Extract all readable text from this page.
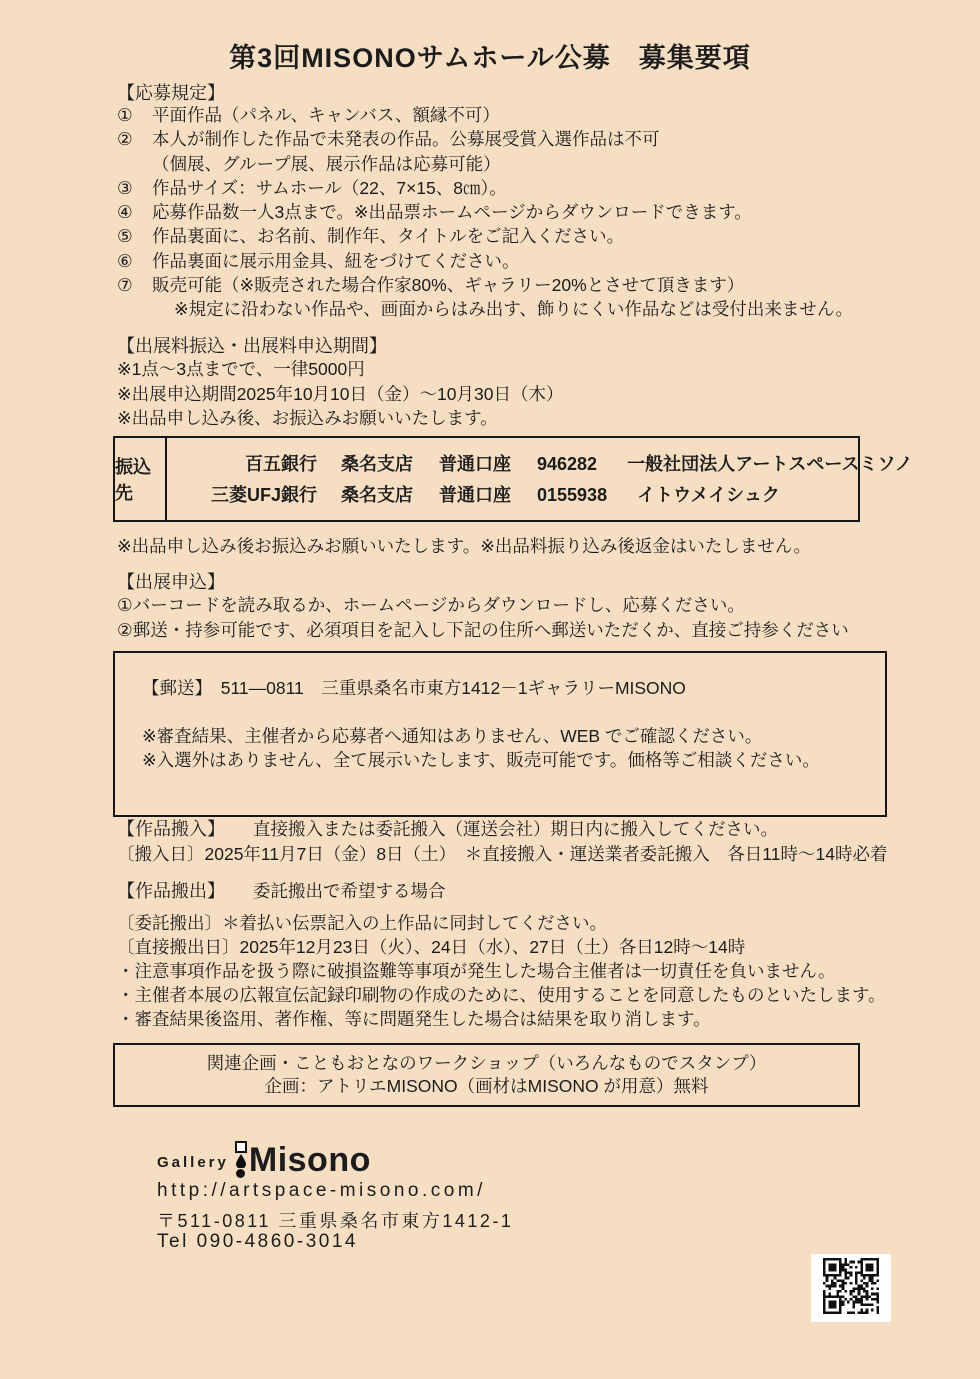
第3回MISONOサムホール公募　募集要項
【応募規定】
①	平面作品（パネル、キャンバス、額縁不可）
②	本人が制作した作品で未発表の作品。公募展受賞入選作品は不可
（個展、グループ展、展示作品は応募可能）
③	作品サイズ：サムホール（22、7×15、8㎝）。
④	応募作品数一人3点まで。※出品票ホームページからダウンロードできます。
⑤	作品裏面に、お名前、制作年、タイトルをご記入ください。
⑥	作品裏面に展示用金具、紐をづけてください。
⑦	販売可能（※販売された場合作家80%、ギャラリー20%とさせて頂きます）
※規定に沿わない作品や、画面からはみ出す、飾りにくい作品などは受付出来ません。
【出展料振込・出展料申込期間】
※1点～3点までで、一律5000円
※出展申込期間2025年10月10日（金）～10月30日（木）
※出品申し込み後、お振込みお願いいたします。
振込先
百五銀行 桑名支店 普通口座 946282 一般社団法人アートスペースミソノ
三菱UFJ銀行 桑名支店 普通口座 0155938 イトウメイシュク
※出品申し込み後お振込みお願いいたします。※出品料振り込み後返金はいたしません。
【出展申込】
①バーコードを読み取るか、ホームページからダウンロードし、応募ください。
②郵送・持参可能です、必須項目を記入し下記の住所へ郵送いただくか、直接ご持参ください
【郵送】　511―0811　三重県桑名市東方1412－1ギャラリーMISONO
※審査結果、主催者から応募者へ通知はありません、WEB でご確認ください。
※入選外はありません、全て展示いたします、販売可能です。価格等ご相談ください。
【作品搬入】 直接搬入または委託搬入（運送会社）期日内に搬入してください。
〔搬入日〕2025年11月7日（金）8日（土）　＊直接搬入・運送業者委託搬入　各日11時～14時必着
【作品搬出】 委託搬出で希望する場合
〔委託搬出〕＊着払い伝票記入の上作品に同封してください。
〔直接搬出日〕2025年12月23日（火）、24日（水）、27日（土）各日12時～14時
・注意事項作品を扱う際に破損盗難等事項が発生した場合主催者は一切責任を負いません。
・主催者本展の広報宣伝記録印刷物の作成のために、使用することを同意したものといたします。
・審査結果後盗用、著作権、等に問題発生した場合は結果を取り消します。
関連企画・こともおとなのワークショップ（いろんなものでスタンプ）
企画：アトリエMISONO（画材はMISONO が用意）無料
Gallery Misono
http://artspace-misono.com/
〒511-0811 三重県桑名市東方1412-1
Tel 090-4860-3014
